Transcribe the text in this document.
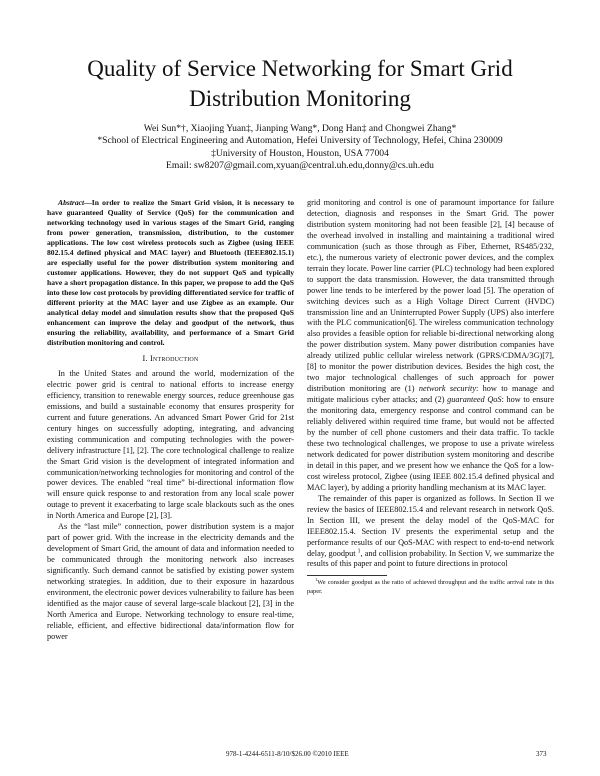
Quality of Service Networking for Smart Grid
Distribution Monitoring
Wei Sun*†, Xiaojing Yuan‡, Jianping Wang*, Dong Han‡ and Chongwei Zhang*
*School of Electrical Engineering and Automation, Hefei University of Technology, Hefei, China 230009
‡University of Houston, Houston, USA 77004
Email: sw8207@gmail.com,xyuan@central.uh.edu,donny@cs.uh.edu

Abstract—In order to realize the Smart Grid vision, it is necessary to have guaranteed Quality of Service (QoS) for the communication and networking technology used in various stages of the Smart Grid, ranging from power generation, transmission, distribution, to the customer applications. The low cost wireless protocols such as Zigbee (using IEEE 802.15.4 defined physical and MAC layer) and Bluetooth (IEEE802.15.1) are especially useful for the power distribution system monitoring and customer applications. However, they do not support QoS and typically have a short propagation distance. In this paper, we propose to add the QoS into these low cost protocols by providing differentiated service for traffic of different priority at the MAC layer and use Zigbee as an example. Our analytical delay model and simulation results show that the proposed QoS enhancement can improve the delay and goodput of the network, thus ensuring the reliability, availability, and performance of a Smart Grid distribution monitoring and control.

I. Introduction

In the United States and around the world, modernization of the electric power grid is central to national efforts to increase energy efficiency, transition to renewable energy sources, reduce greenhouse gas emissions, and build a sustainable economy that ensures prosperity for current and future generations. An advanced Smart Power Grid for 21st century hinges on successfully adopting, integrating, and advancing existing communication and computing technologies with the power-delivery infrastructure [1], [2]. The core technological challenge to realize the Smart Grid vision is the development of integrated information and communication/networking technologies for monitoring and control of the power devices. The enabled “real time” bi-directional information flow will ensure quick response to and restoration from any local scale power outage to prevent it exacerbating to large scale blackouts such as the ones in North America and Europe [2], [3].

As the “last mile” connection, power distribution system is a major part of power grid. With the increase in the electricity demands and the development of Smart Grid, the amount of data and information needed to be communicated through the monitoring network also increases significantly. Such demand cannot be satisfied by existing power system networking strategies. In addition, due to their exposure in hazardous environment, the electronic power devices vulnerability to failure has been identified as the major cause of several large-scale blackout [2], [3] in the North America and Europe. Networking technology to ensure real-time, reliable, efficient, and effective bidirectional data/information flow for power

grid monitoring and control is one of paramount importance for failure detection, diagnosis and responses in the Smart Grid. The power distribution system monitoring had not been feasible [2], [4] because of the overhead involved in installing and maintaining a traditional wired communication (such as those through as Fiber, Ethernet, RS485/232, etc.), the numerous variety of electronic power devices, and the complex terrain they locate. Power line carrier (PLC) technology had been explored to support the data transmission. However, the data transmitted through power line tends to be interfered by the power load [5]. The operation of switching devices such as a High Voltage Direct Current (HVDC) transmission line and an Uninterrupted Power Supply (UPS) also interfere with the PLC communication[6]. The wireless communication technology also provides a feasible option for reliable bi-directional networking along the power distribution system. Many power distribution companies have already utilized public cellular wireless network (GPRS/CDMA/3G)[7], [8] to monitor the power distribution devices. Besides the high cost, the two major technological challenges of such approach for power distribution monitoring are (1) network security: how to manage and mitigate malicious cyber attacks; and (2) guaranteed QoS: how to ensure the monitoring data, emergency response and control command can be reliably delivered within required time frame, but would not be affected by the number of cell phone customers and their data traffic. To tackle these two technological challenges, we propose to use a private wireless network dedicated for power distribution system monitoring and describe in detail in this paper, and we present how we enhance the QoS for a low-cost wireless protocol, Zigbee (using IEEE 802.15.4 defined physical and MAC layer), by adding a priority handling mechanism at its MAC layer.

The remainder of this paper is organized as follows. In Section II we review the basics of IEEE802.15.4 and relevant research in network QoS. In Section III, we present the delay model of the QoS-MAC for IEEE802.15.4. Section IV presents the experimental setup and the performance results of our QoS-MAC with respect to end-to-end network delay, goodput $^1$, and collision probability. In Section V, we summarize the results of this paper and point to future directions in protocol

$^1$We consider goodput as the ratio of achieved throughput and the traffic arrival rate in this paper.

978-1-4244-6511-8/10/$26.00 ©2010 IEEE	373
